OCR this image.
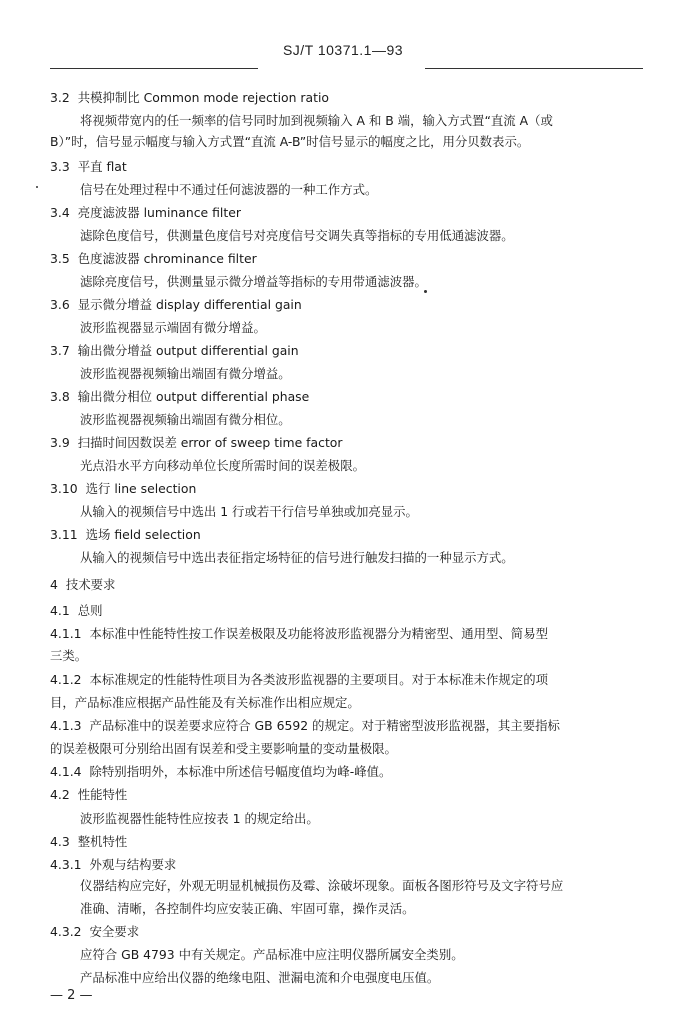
SJ/T 10371.1—93
3.2 共模抑制比 Common mode rejection ratio
将视频带宽内的任一频率的信号同时加到视频输入 A 和 B 端，输入方式置“直流 A（或
B）”时，信号显示幅度与输入方式置“直流 A-B”时信号显示的幅度之比，用分贝数表示。
3.3 平直 flat
信号在处理过程中不通过任何滤波器的一种工作方式。
3.4 亮度滤波器 luminance filter
滤除色度信号，供测量色度信号对亮度信号交调失真等指标的专用低通滤波器。
3.5 色度滤波器 chrominance filter
滤除亮度信号，供测量显示微分增益等指标的专用带通滤波器。
3.6 显示微分增益 display differential gain
波形监视器显示端固有微分增益。
3.7 输出微分增益 output differential gain
波形监视器视频输出端固有微分增益。
3.8 输出微分相位 output differential phase
波形监视器视频输出端固有微分相位。
3.9 扫描时间因数误差 error of sweep time factor
光点沿水平方向移动单位长度所需时间的误差极限。
3.10 选行 line selection
从输入的视频信号中选出 1 行或若干行信号单独或加亮显示。
3.11 选场 field selection
从输入的视频信号中选出表征指定场特征的信号进行触发扫描的一种显示方式。
4 技术要求
4.1 总则
4.1.1 本标准中性能特性按工作误差极限及功能将波形监视器分为精密型、通用型、简易型
三类。
4.1.2 本标准规定的性能特性项目为各类波形监视器的主要项目。对于本标准未作规定的项
目，产品标准应根据产品性能及有关标准作出相应规定。
4.1.3 产品标准中的误差要求应符合 GB 6592 的规定。对于精密型波形监视器，其主要指标
的误差极限可分别给出固有误差和受主要影响量的变动量极限。
4.1.4 除特别指明外，本标准中所述信号幅度值均为峰-峰值。
4.2 性能特性
波形监视器性能特性应按表 1 的规定给出。
4.3 整机特性
4.3.1 外观与结构要求
仪器结构应完好，外观无明显机械损伤及霉、涂破坏现象。面板各图形符号及文字符号应
准确、清晰，各控制件均应安装正确、牢固可靠，操作灵活。
4.3.2 安全要求
应符合 GB 4793 中有关规定。产品标准中应注明仪器所属安全类别。
产品标准中应给出仪器的绝缘电阻、泄漏电流和介电强度电压值。
— 2 —
